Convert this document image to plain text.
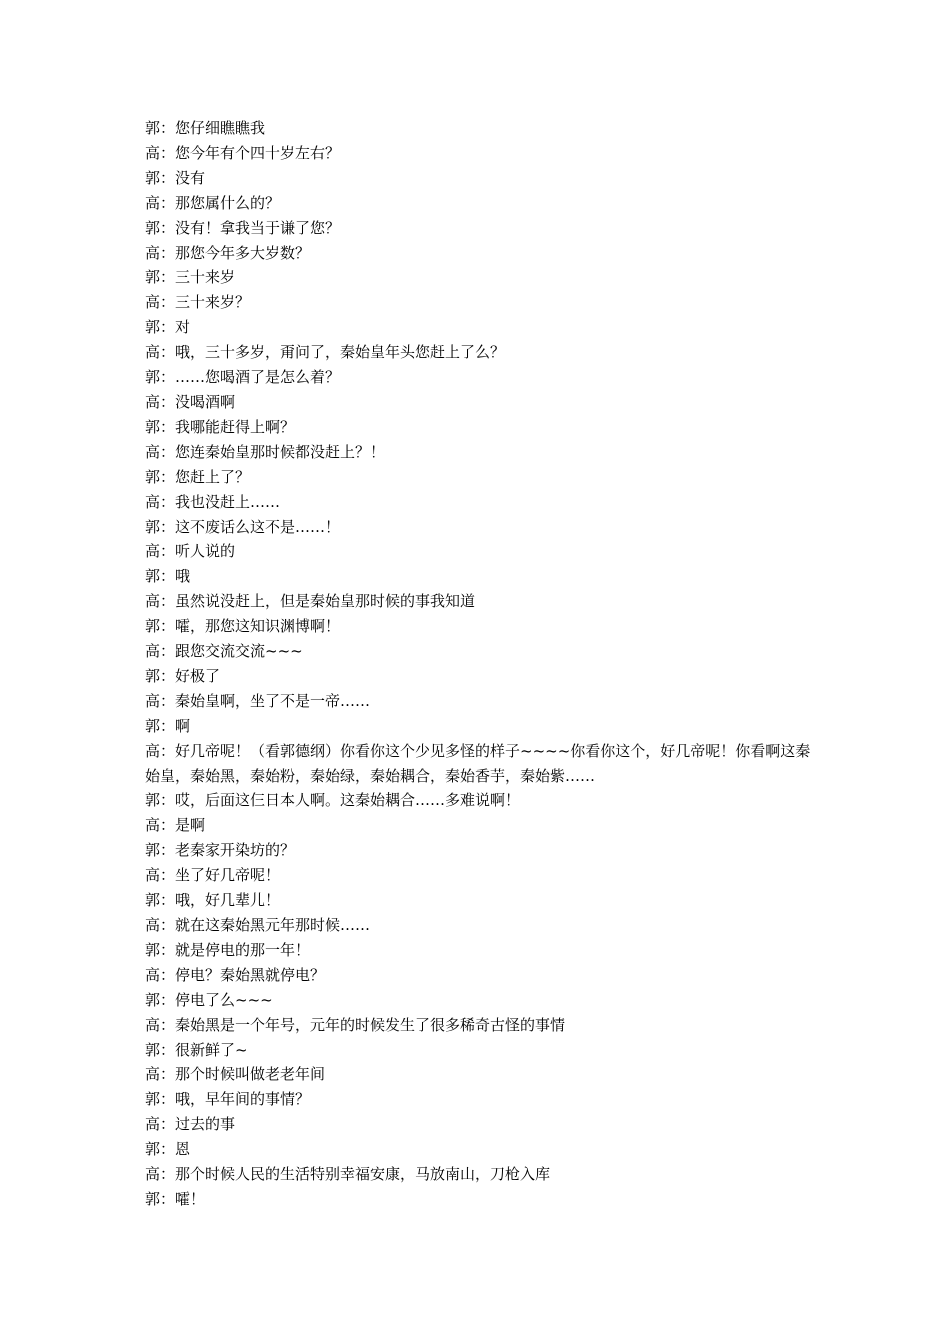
郭：您仔细瞧瞧我

高：您今年有个四十岁左右？

郭：没有

高：那您属什么的？

郭：没有！拿我当于谦了您？

高：那您今年多大岁数？

郭：三十来岁

高：三十来岁？

郭：对

高：哦，三十多岁，甭问了，秦始皇年头您赶上了么？

郭：……您喝酒了是怎么着？

高：没喝酒啊

郭：我哪能赶得上啊？

高：您连秦始皇那时候都没赶上？！

郭：您赶上了？

高：我也没赶上……

郭：这不废话么这不是……！

高：听人说的

郭：哦

高：虽然说没赶上，但是秦始皇那时候的事我知道

郭：嚯，那您这知识渊博啊！

高：跟您交流交流~~~

郭：好极了

高：秦始皇啊，坐了不是一帝……

郭：啊

高：好几帝呢！（看郭德纲）你看你这个少见多怪的样子~~~~你看你这个，好几帝呢！你看啊这秦始皇，秦始黑，秦始粉，秦始绿，秦始耦合，秦始香芋，秦始紫……

郭：哎，后面这仨日本人啊。这秦始耦合……多难说啊！

高：是啊

郭：老秦家开染坊的？

高：坐了好几帝呢！

郭：哦，好几辈儿！

高：就在这秦始黑元年那时候……

郭：就是停电的那一年！

高：停电？秦始黑就停电？

郭：停电了么~~~

高：秦始黑是一个年号，元年的时候发生了很多稀奇古怪的事情

郭：很新鲜了~

高：那个时候叫做老老年间

郭：哦，早年间的事情？

高：过去的事

郭：恩

高：那个时候人民的生活特别幸福安康，马放南山，刀枪入库

郭：嚯！
